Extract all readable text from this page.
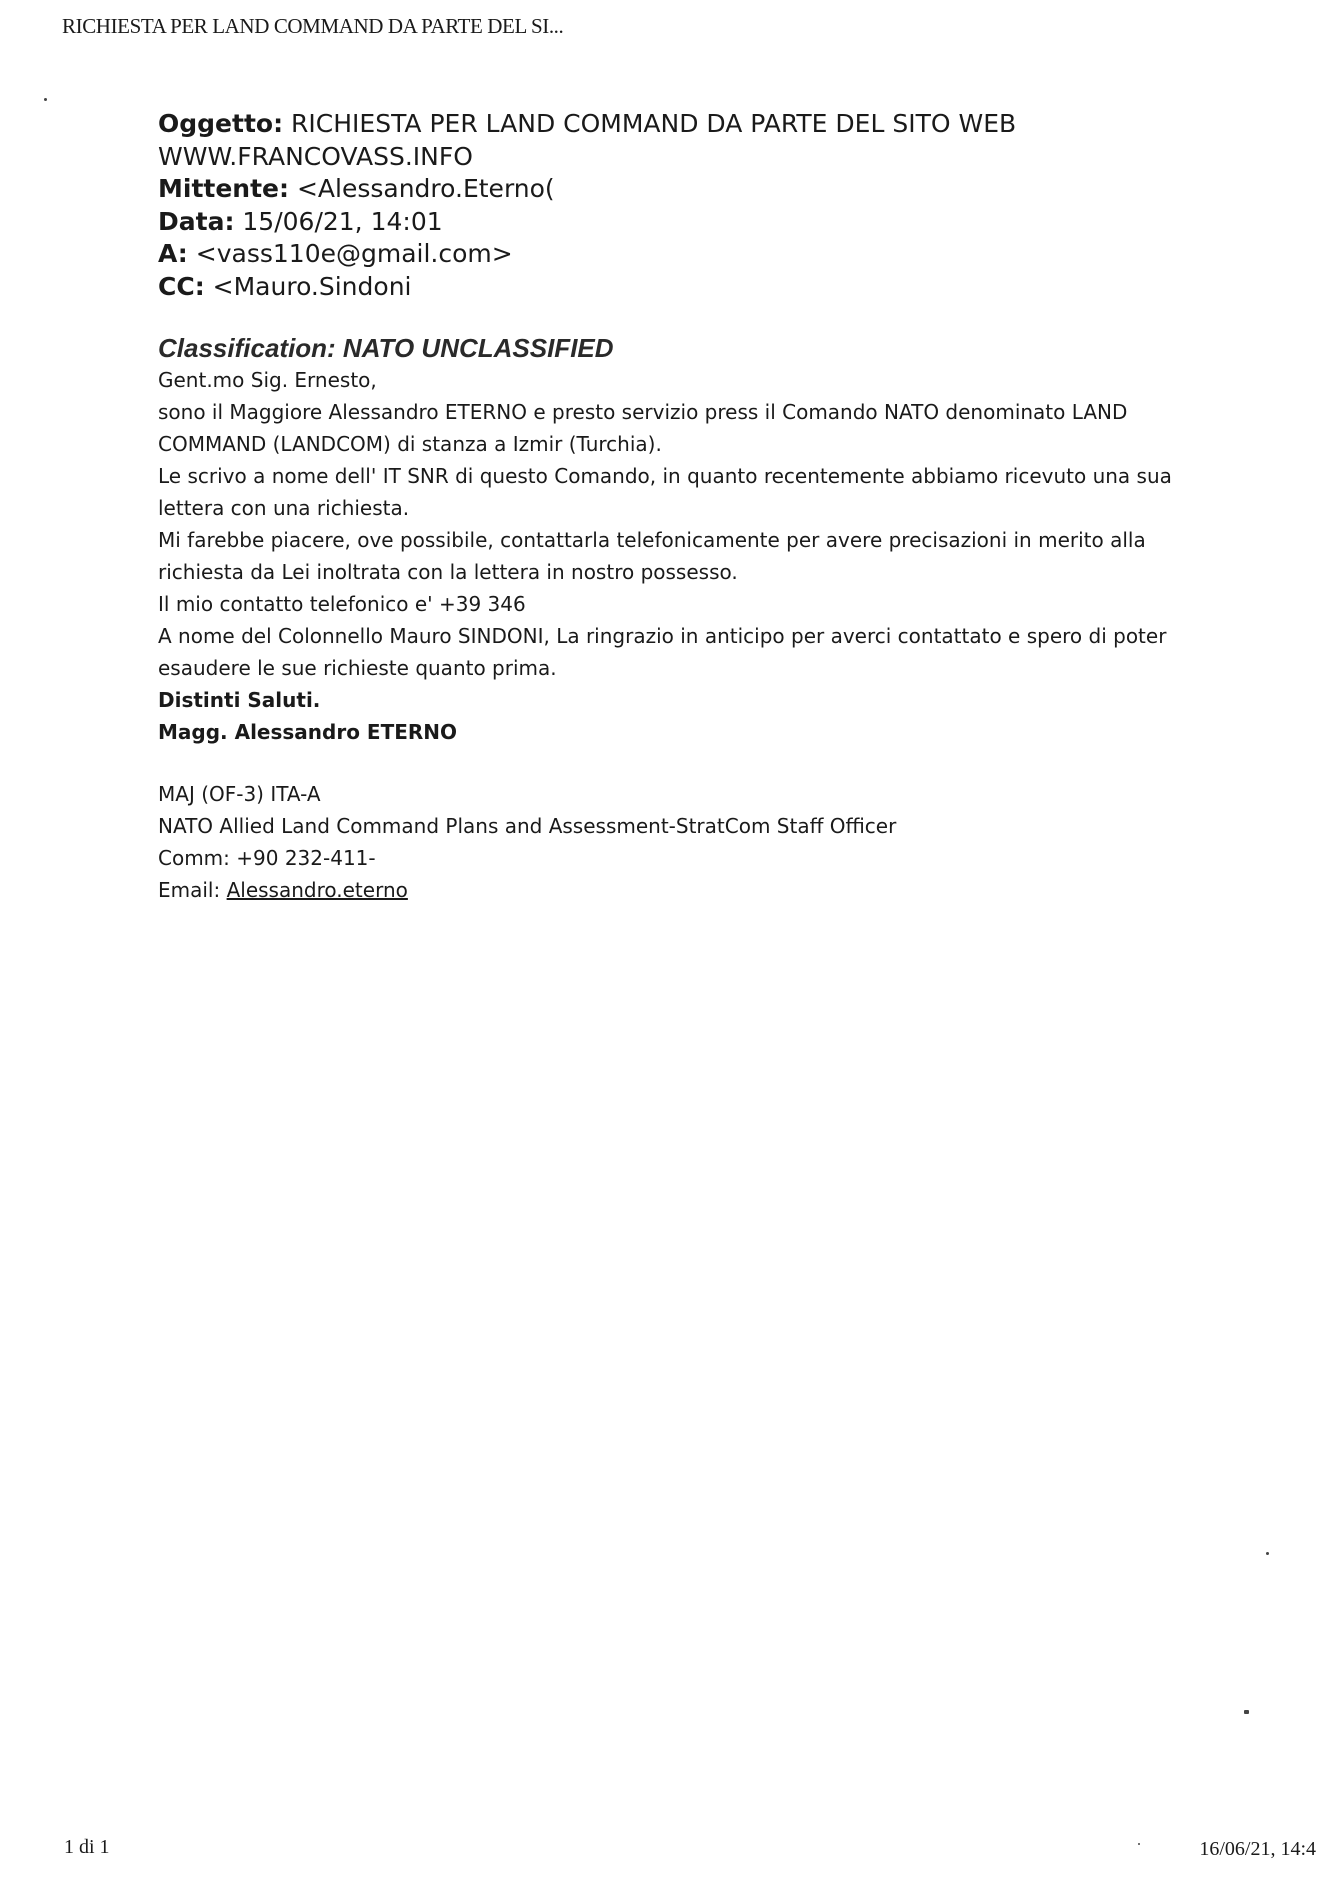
RICHIESTA PER LAND COMMAND DA PARTE DEL SI...
Oggetto: RICHIESTA PER LAND COMMAND DA PARTE DEL SITO WEB
WWW.FRANCOVASS.INFO
Mittente: <Alessandro.Eterno(
Data: 15/06/21, 14:01
A: <vass110e@gmail.com>
CC: <Mauro.Sindoni
Classification: NATO UNCLASSIFIED

Gent.mo Sig. Ernesto,

sono il Maggiore Alessandro ETERNO e presto servizio press il Comando NATO denominato LAND COMMAND (LANDCOM) di stanza a Izmir (Turchia).

Le scrivo a nome dell' IT SNR di questo Comando, in quanto recentemente abbiamo ricevuto una sua lettera con una richiesta.

Mi farebbe piacere, ove possibile, contattarla telefonicamente per avere precisazioni in merito alla richiesta da Lei inoltrata con la lettera in nostro possesso.

Il mio contatto telefonico e' +39 346

A nome del Colonnello Mauro SINDONI, La ringrazio in anticipo per averci contattato e spero di poter esaudere le sue richieste quanto prima.

Distinti Saluti.

Magg. Alessandro ETERNO

MAJ (OF-3) ITA-A

NATO Allied Land Command Plans and Assessment-StratCom Staff Officer

Comm: +90 232-411-

Email: Alessandro.eterno

1 di 1	16/06/21, 14:4
